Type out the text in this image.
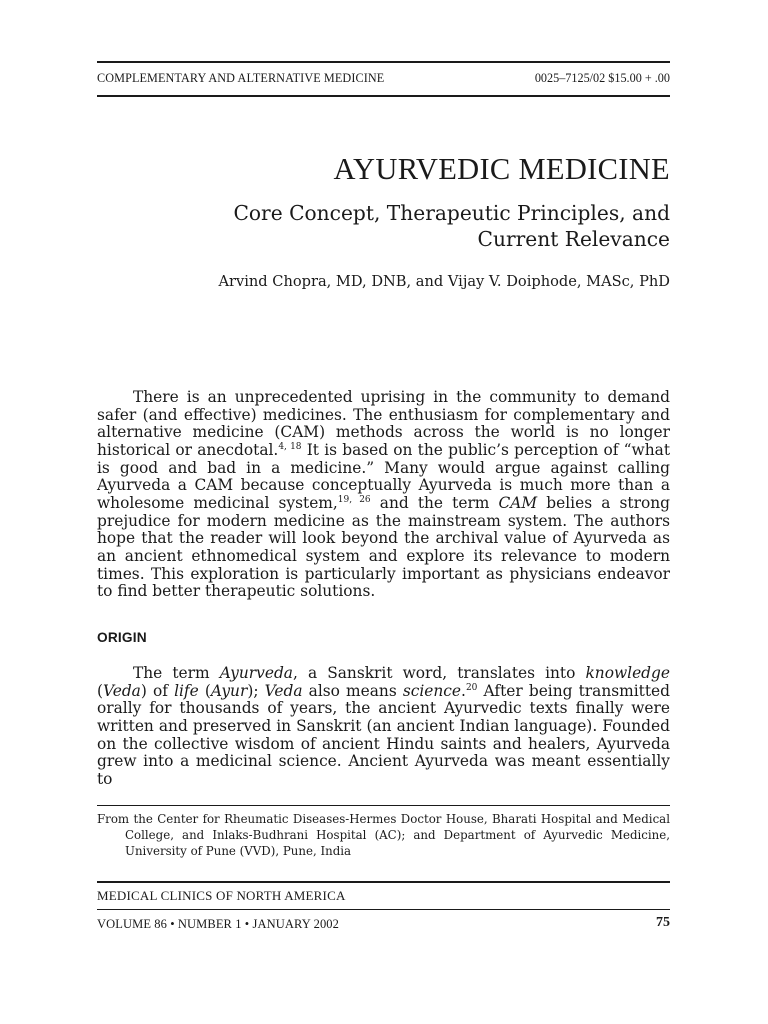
COMPLEMENTARY AND ALTERNATIVE MEDICINE	0025–7125/02 $15.00 + .00
AYURVEDIC MEDICINE
Core Concept, Therapeutic Principles, and Current Relevance
Arvind Chopra, MD, DNB, and Vijay V. Doiphode, MASc, PhD

There is an unprecedented uprising in the community to demand safer (and effective) medicines. The enthusiasm for complementary and alternative medicine (CAM) methods across the world is no longer historical or anecdotal.$^{4, 18}$ It is based on the public’s perception of “what is good and bad in a medicine.” Many would argue against calling Ayurveda a CAM because conceptually Ayurveda is much more than a wholesome medicinal system,$^{19, 26}$ and the term CAM belies a strong prejudice for modern medicine as the mainstream system. The authors hope that the reader will look beyond the archival value of Ayurveda as an ancient ethnomedical system and explore its relevance to modern times. This exploration is particularly important as physicians endeavor to find better therapeutic solutions.

ORIGIN

The term Ayurveda, a Sanskrit word, translates into knowledge (Veda) of life (Ayur); Veda also means science.$^{20}$ After being transmitted orally for thousands of years, the ancient Ayurvedic texts finally were written and preserved in Sanskrit (an ancient Indian language). Founded on the collective wisdom of ancient Hindu saints and healers, Ayurveda grew into a medicinal science. Ancient Ayurveda was meant essentially to

From the Center for Rheumatic Diseases-Hermes Doctor House, Bharati Hospital and Medical College, and Inlaks-Budhrani Hospital (AC); and Department of Ayurvedic Medicine, University of Pune (VVD), Pune, India
MEDICAL CLINICS OF NORTH AMERICA
VOLUME 86 • NUMBER 1 • JANUARY 2002	75
